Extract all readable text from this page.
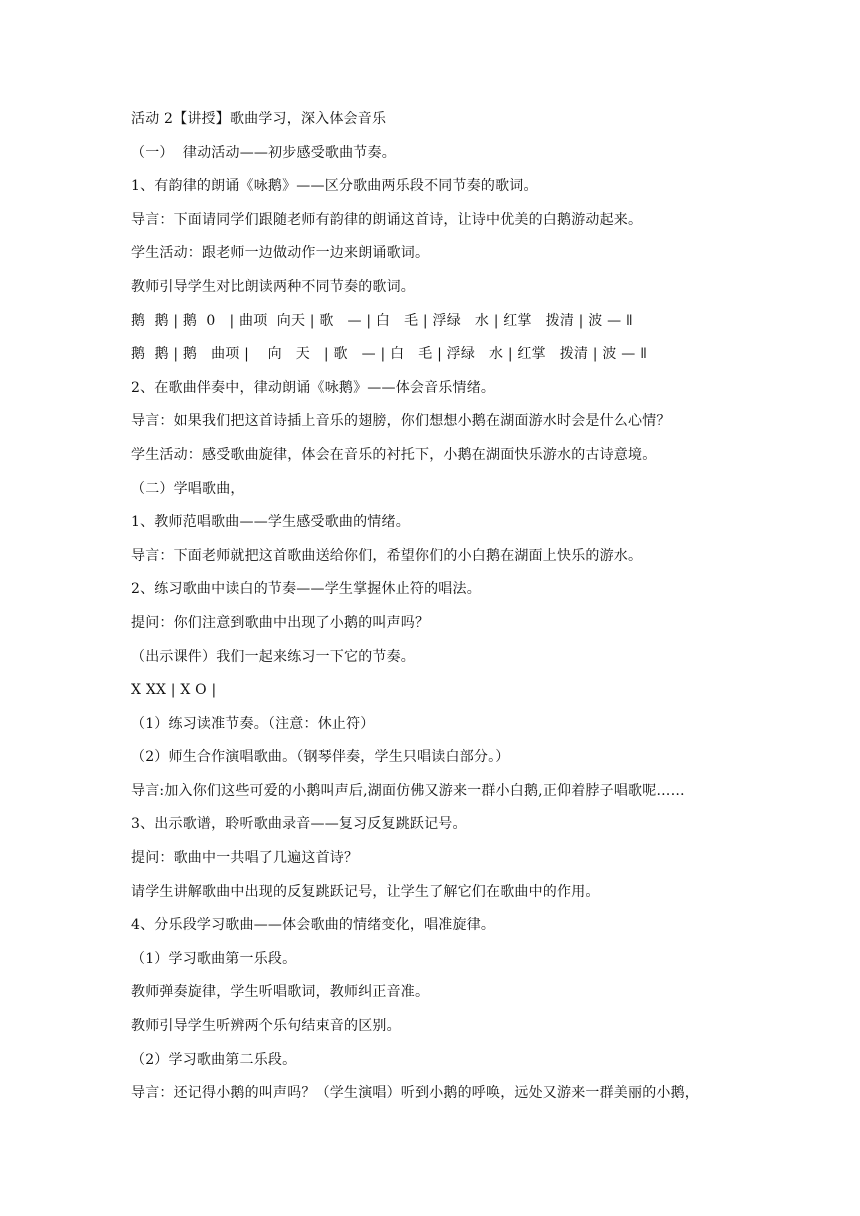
活动 2【讲授】歌曲学习，深入体会音乐
（一）  律动活动——初步感受歌曲节奏。
1、有韵律的朗诵《咏鹅》——区分歌曲两乐段不同节奏的歌词。
导言：下面请同学们跟随老师有韵律的朗诵这首诗，让诗中优美的白鹅游动起来。
学生活动：跟老师一边做动作一边来朗诵歌词。
教师引导学生对比朗读两种不同节奏的歌词。
鹅  鹅 | 鹅  0   | 曲项  向天 | 歌   — | 白   毛 | 浮绿   水 | 红掌   拨清 | 波 — ǁ
鹅  鹅 | 鹅   曲项 |    向   天   | 歌   — | 白   毛 | 浮绿   水 | 红掌   拨清 | 波 — ǁ
2、在歌曲伴奏中，律动朗诵《咏鹅》——体会音乐情绪。
导言：如果我们把这首诗插上音乐的翅膀，你们想想小鹅在湖面游水时会是什么心情？
学生活动：感受歌曲旋律，体会在音乐的衬托下，小鹅在湖面快乐游水的古诗意境。
（二）学唱歌曲，
1、教师范唱歌曲——学生感受歌曲的情绪。
导言：下面老师就把这首歌曲送给你们，希望你们的小白鹅在湖面上快乐的游水。
2、练习歌曲中读白的节奏——学生掌握休止符的唱法。
提问：你们注意到歌曲中出现了小鹅的叫声吗？
（出示课件）我们一起来练习一下它的节奏。
X XX | X O |
（1）练习读准节奏。（注意：休止符）
（2）师生合作演唱歌曲。（钢琴伴奏，学生只唱读白部分。）
导言:加入你们这些可爱的小鹅叫声后,湖面仿佛又游来一群小白鹅,正仰着脖子唱歌呢……
3、出示歌谱，聆听歌曲录音——复习反复跳跃记号。
提问：歌曲中一共唱了几遍这首诗？
请学生讲解歌曲中出现的反复跳跃记号，让学生了解它们在歌曲中的作用。
4、分乐段学习歌曲——体会歌曲的情绪变化，唱准旋律。
（1）学习歌曲第一乐段。
教师弹奏旋律，学生听唱歌词，教师纠正音准。
教师引导学生听辨两个乐句结束音的区别。
（2）学习歌曲第二乐段。
导言：还记得小鹅的叫声吗？（学生演唱）听到小鹅的呼唤，远处又游来一群美丽的小鹅，
